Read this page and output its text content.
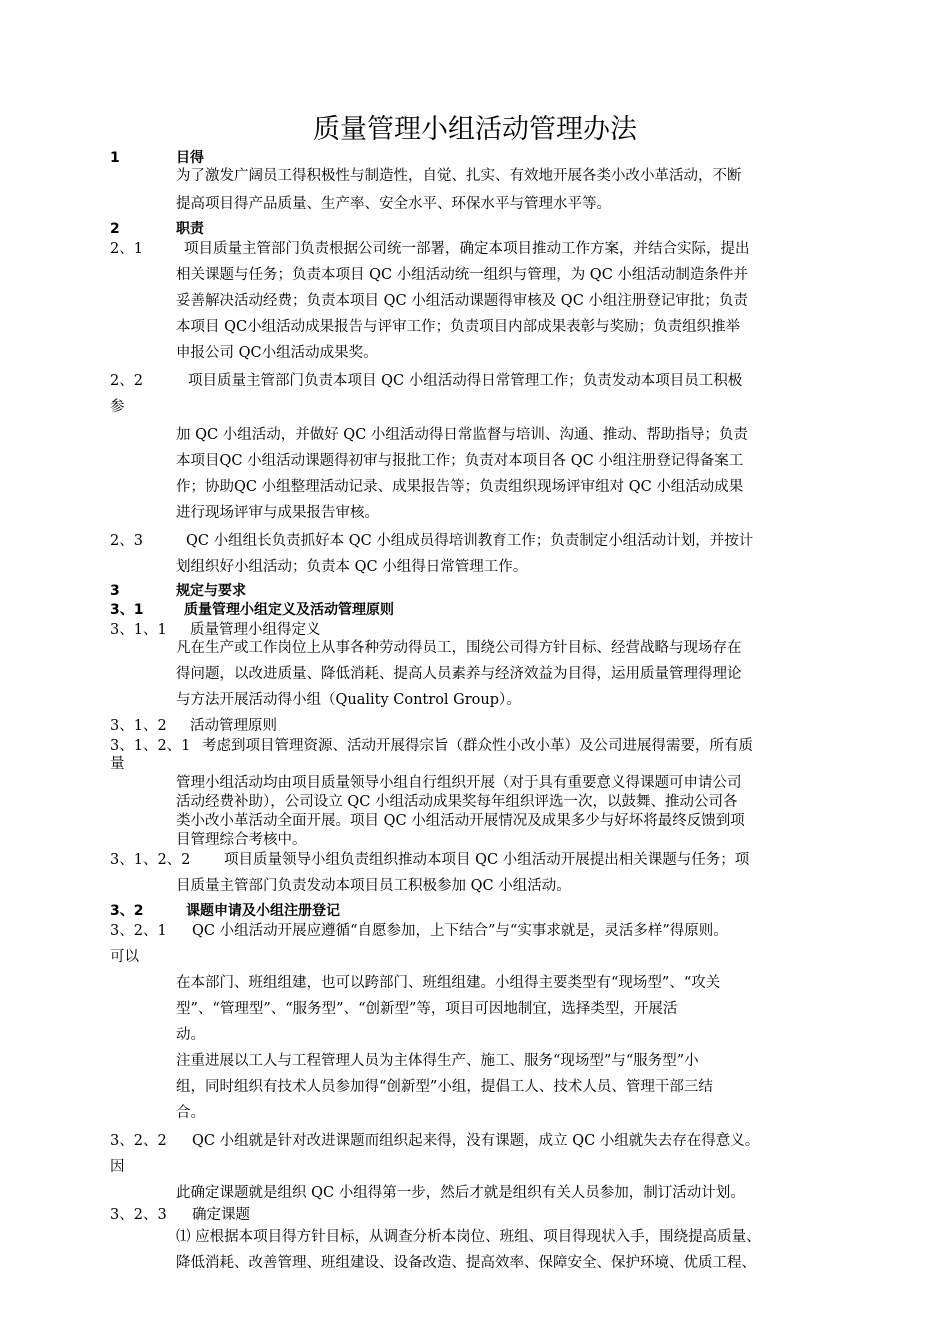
质量管理小组活动管理办法
1	目得
为了激发广阔员工得积极性与制造性，自觉、扎实、有效地开展各类小改小革活动，不断
提高项目得产品质量、生产率、安全水平、环保水平与管理水平等。
2	职责
2、1	项目质量主管部门负责根据公司统一部署，确定本项目推动工作方案，并结合实际，提出
相关课题与任务；负责本项目 QC 小组活动统一组织与管理，为 QC 小组活动制造条件并
妥善解决活动经费；负责本项目 QC 小组活动课题得审核及 QC 小组注册登记审批；负责
本项目 QC小组活动成果报告与评审工作；负责项目内部成果表彰与奖励；负责组织推举
申报公司 QC小组活动成果奖。
2、2	项目质量主管部门负责本项目 QC 小组活动得日常管理工作；负责发动本项目员工积极
参
加 QC 小组活动，并做好 QC 小组活动得日常监督与培训、沟通、推动、帮助指导；负责
本项目QC 小组活动课题得初审与报批工作；负责对本项目各 QC 小组注册登记得备案工
作；协助QC 小组整理活动记录、成果报告等；负责组织现场评审组对 QC 小组活动成果
进行现场评审与成果报告审核。
2、3	QC 小组组长负责抓好本 QC 小组成员得培训教育工作；负责制定小组活动计划，并按计
划组织好小组活动；负责本 QC 小组得日常管理工作。
3	规定与要求
3、1	质量管理小组定义及活动管理原则
3、1、1 质量管理小组得定义
凡在生产或工作岗位上从事各种劳动得员工，围绕公司得方针目标、经营战略与现场存在
得问题，以改进质量、降低消耗、提高人员素养与经济效益为目得，运用质量管理得理论
与方法开展活动得小组（Quality Control Group）。
3、1、2 活动管理原则
3、1、2、1 考虑到项目管理资源、活动开展得宗旨（群众性小改小革）及公司进展得需要，所有质
量
管理小组活动均由项目质量领导小组自行组织开展（对于具有重要意义得课题可申请公司
活动经费补助），公司设立 QC 小组活动成果奖每年组织评选一次，以鼓舞、推动公司各
类小改小革活动全面开展。项目 QC 小组活动开展情况及成果多少与好坏将最终反馈到项
目管理综合考核中。
3、1、2、2 项目质量领导小组负责组织推动本项目 QC 小组活动开展提出相关课题与任务；项
目质量主管部门负责发动本项目员工积极参加 QC 小组活动。
3、2	课题申请及小组注册登记
3、2、1 QC 小组活动开展应遵循“自愿参加，上下结合”与“实事求就是，灵活多样”得原则。
可以
在本部门、班组组建，也可以跨部门、班组组建。小组得主要类型有“现场型”、“攻关
型”、“管理型”、“服务型”、“创新型”等，项目可因地制宜，选择类型，开展活
动。
注重进展以工人与工程管理人员为主体得生产、施工、服务“现场型”与“服务型”小
组，同时组织有技术人员参加得“创新型”小组，提倡工人、技术人员、管理干部三结
合。
3、2、2 QC 小组就是针对改进课题而组织起来得，没有课题，成立 QC 小组就失去存在得意义。
因
此确定课题就是组织 QC 小组得第一步，然后才就是组织有关人员参加，制订活动计划。
3、2、3 确定课题
⑴ 应根据本项目得方针目标，从调查分析本岗位、班组、项目得现状入手，围绕提高质量、
降低消耗、改善管理、班组建设、设备改造、提高效率、保障安全、保护环境、优质工程、
